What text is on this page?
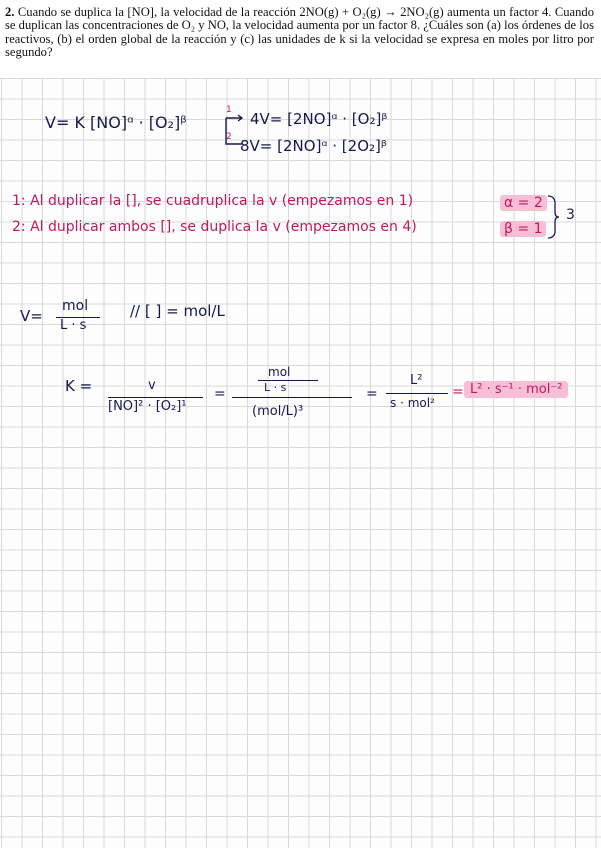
2. Cuando se duplica la [NO], la velocidad de la reacción 2NO(g) + O₂(g) → 2NO₂(g) aumenta un factor 4. Cuando se duplican las concentraciones de O₂ y NO, la velocidad aumenta por un factor 8. ¿Cuáles son (a) los órdenes de los reactivos, (b) el orden global de la reacción y (c) las unidades de k si la velocidad se expresa en moles por litro por segundo?
V= K [NO]ᵅ · [O₂]ᵝ
1
2
4V= [2NO]ᵅ · [O₂]ᵝ
8V= [2NO]ᵅ · [2O₂]ᵝ
1: Al duplicar la [], se cuadruplica la v (empezamos en 1)
2: Al duplicar ambos [], se duplica la v (empezamos en 4)
α = 2
β = 1
3
V=
mol
L · s
// [ ] = mol/L
K =	v
[NO]² · [O₂]¹
=
mol
L · s
(mol/L)³
=
L²
s · mol²
= L² · s⁻¹ · mol⁻²
